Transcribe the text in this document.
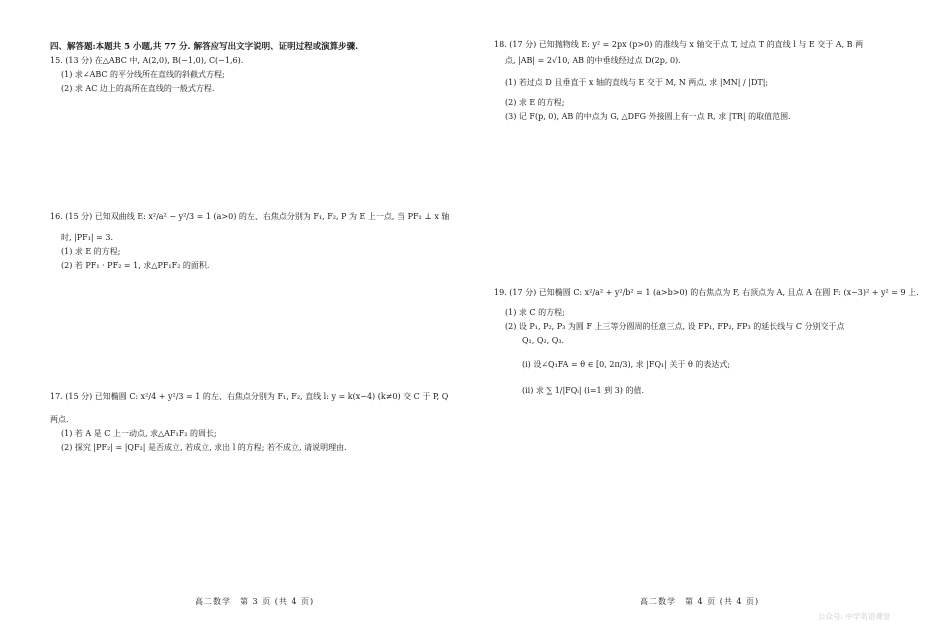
四、解答题:本题共 5 小题,共 77 分. 解答应写出文字说明、证明过程或演算步骤.
15. (13 分) 在△ABC 中, A(2,0), B(−1,0), C(−1,6).
(1) 求∠ABC 的平分线所在直线的斜截式方程;
(2) 求 AC 边上的高所在直线的一般式方程.
16. (15 分) 已知双曲线 E: x²/a² − y²/3 = 1 (a>0) 的左、右焦点分别为 F₁, F₂, P 为 E 上一点, 当 PF₁ ⊥ x 轴
时, |PF₁| = 3.
(1) 求 E 的方程;
(2) 若 PF₁ · PF₂ = 1, 求△PF₁F₂ 的面积.
17. (15 分) 已知椭圆 C: x²/4 + y²/3 = 1 的左、右焦点分别为 F₁, F₂, 直线 l: y = k(x−4) (k≠0) 交 C 于 P, Q
两点.
(1) 若 A 是 C 上一动点, 求△AF₁F₂ 的周长;
(2) 探究 |PF₂| = |QF₂| 是否成立, 若成立, 求出 l 的方程; 若不成立, 请说明理由.
18. (17 分) 已知抛物线 E: y² = 2px (p>0) 的准线与 x 轴交于点 T, 过点 T 的直线 l 与 E 交于 A, B 两
点, |AB| = 2√10, AB 的中垂线经过点 D(2p, 0).
(1) 若过点 D 且垂直于 x 轴的直线与 E 交于 M, N 两点, 求 |MN| / |DT|;
(2) 求 E 的方程;
(3) 记 F(p, 0), AB 的中点为 G, △DFG 外接圆上有一点 R, 求 |TR| 的取值范围.
19. (17 分) 已知椭圆 C: x²/a² + y²/b² = 1 (a>b>0) 的右焦点为 F, 右顶点为 A, 且点 A 在圆 F: (x−3)² + y² = 9 上.
(1) 求 C 的方程;
(2) 设 P₁, P₂, P₃ 为圆 F 上三等分圆周的任意三点, 设 FP₁, FP₂, FP₃ 的延长线与 C 分别交于点
Q₁, Q₂, Q₃.
(i) 设∠Q₁FA = θ ∈ [0, 2π/3), 求 |FQ₁| 关于 θ 的表达式;
(ii) 求 ∑ 1/|FQᵢ| (i=1 到 3) 的值.
高二数学　第 3 页 (共 4 页)	高二数学　第 4 页 (共 4 页)
公众号: 中学英语课堂
